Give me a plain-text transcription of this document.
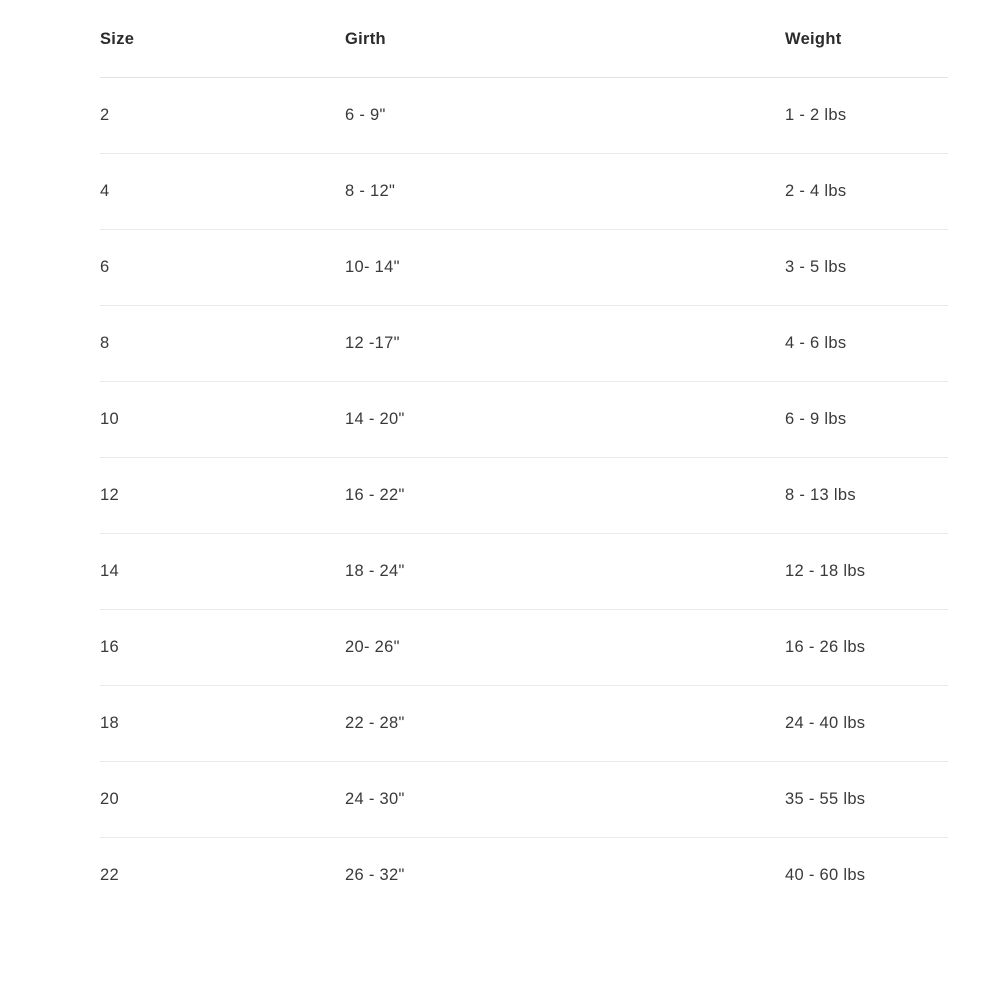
Size	Girth	Weight
2	6 - 9"	1 - 2 lbs
4	8 - 12"	2 - 4 lbs
6	10- 14"	3 - 5 lbs
8	12 -17"	4 - 6 lbs
10	14 - 20"	6 - 9 lbs
12	16 - 22"	8 - 13 lbs
14	18 - 24"	12 - 18 lbs
16	20- 26"	16 - 26 lbs
18	22 - 28"	24 - 40 lbs
20	24 - 30"	35 - 55 lbs
22	26 - 32"	40 - 60 lbs
